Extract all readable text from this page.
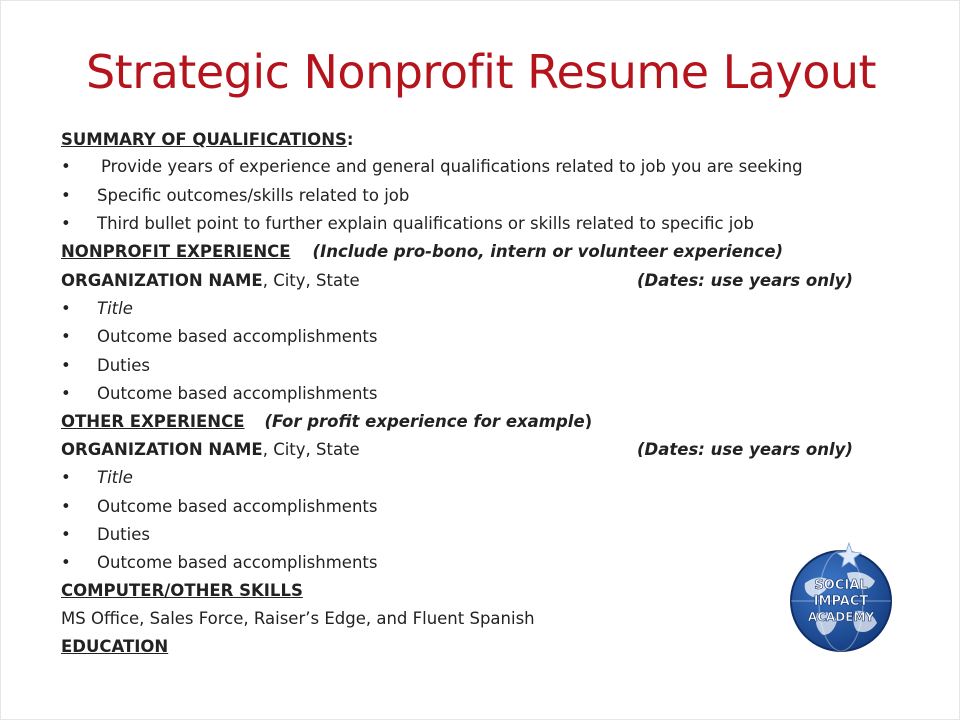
Strategic Nonprofit Resume Layout
SUMMARY OF QUALIFICATIONS:
• Provide years of experience and general qualifications related to job you are seeking
• Specific outcomes/skills related to job
• Third bullet point to further explain qualifications or skills related to specific job
NONPROFIT EXPERIENCE (Include pro-bono, intern or volunteer experience)
ORGANIZATION NAME, City, State	(Dates: use years only)
• Title
• Outcome based accomplishments
• Duties
• Outcome based accomplishments
OTHER EXPERIENCE (For profit experience for example)
ORGANIZATION NAME, City, State	(Dates: use years only)
• Title
• Outcome based accomplishments
• Duties
• Outcome based accomplishments
COMPUTER/OTHER SKILLS
MS Office, Sales Force, Raiser’s Edge, and Fluent Spanish
EDUCATION
SOCIAL
IMPACT
ACADEMY
